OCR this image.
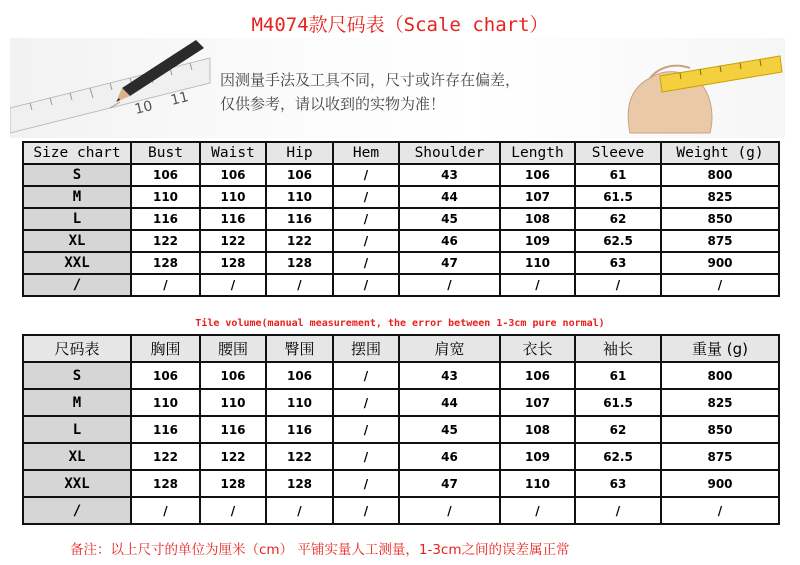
M4074款尺码表（Scale chart）
10 11
因测量手法及工具不同，尺寸或许存在偏差，
仅供参考，请以收到的实物为准！
Size chart	Bust	Waist	Hip	Hem	Shoulder	Length	Sleeve	Weight (g)
S	106	106	106	/	43	106	61	800
M	110	110	110	/	44	107	61.5	825
L	116	116	116	/	45	108	62	850
XL	122	122	122	/	46	109	62.5	875
XXL	128	128	128	/	47	110	63	900
/	/	/	/	/	/	/	/	/
Tile volume(manual measurement, the error between 1-3cm pure normal)
尺码表	胸围	腰围	臀围	摆围	肩宽	衣长	袖长	重量 (g)
S	106	106	106	/	43	106	61	800
M	110	110	110	/	44	107	61.5	825
L	116	116	116	/	45	108	62	850
XL	122	122	122	/	46	109	62.5	875
XXL	128	128	128	/	47	110	63	900
/	/	/	/	/	/	/	/	/
备注：以上尺寸的单位为厘米（cm） 平铺实量人工测量，1-3cm之间的误差属正常
